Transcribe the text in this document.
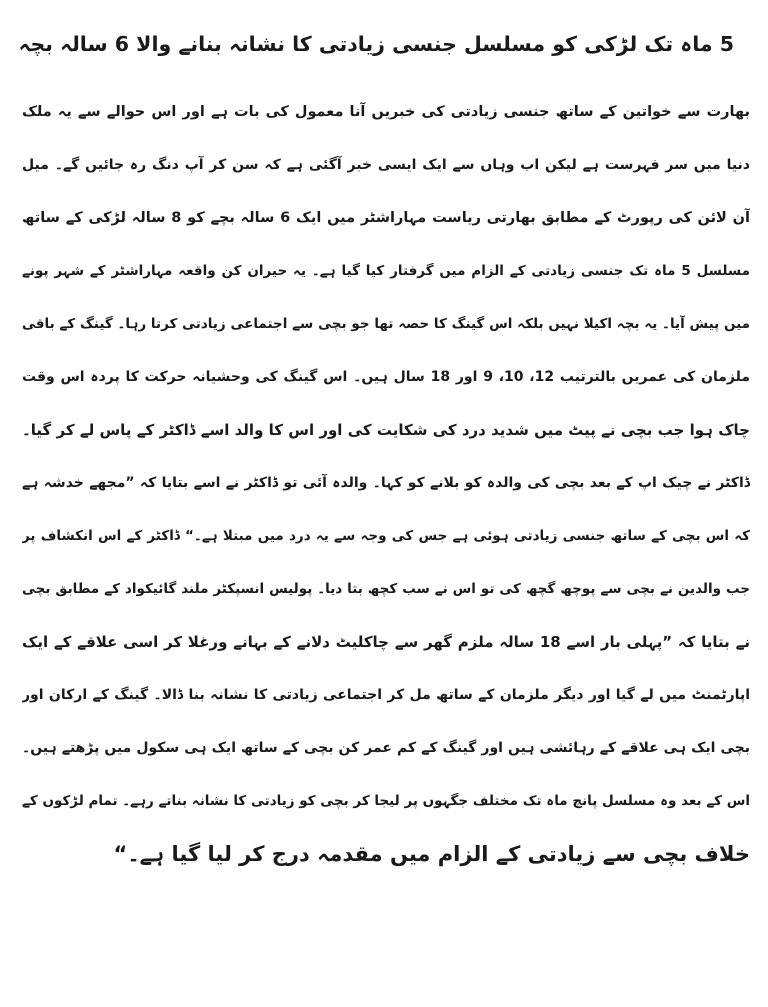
5 ماہ تک لڑکی کو مسلسل جنسی زیادتی کا نشانہ بنانے والا 6 سالہ بچہ
بھارت سے خواتین کے ساتھ جنسی زیادتی کی خبریں آنا معمول کی بات ہے اور اس حوالے سے یہ ملک
دنیا میں سر فہرست ہے لیکن اب وہاں سے ایک ایسی خبر آگئی ہے کہ سن کر آپ دنگ رہ جائیں گے۔ میل
آن لائن کی رپورٹ کے مطابق بھارتی ریاست مہاراشٹر میں ایک 6 سالہ بچے کو 8 سالہ لڑکی کے ساتھ
مسلسل 5 ماہ تک جنسی زیادتی کے الزام میں گرفتار کیا گیا ہے۔ یہ حیران کن واقعہ مہاراشٹر کے شہر پونے
میں پیش آیا۔ یہ بچہ اکیلا نہیں بلکہ اس گینگ کا حصہ تھا جو بچی سے اجتماعی زیادتی کرتا رہا۔ گینگ کے باقی
ملزمان کی عمریں بالترتیب 12، 10، 9 اور 18 سال ہیں۔ اس گینگ کی وحشیانہ حرکت کا پردہ اس وقت
چاک ہوا جب بچی نے پیٹ میں شدید درد کی شکایت کی اور اس کا والد اسے ڈاکٹر کے پاس لے کر گیا۔
ڈاکٹر نے چیک اپ کے بعد بچی کی والدہ کو بلانے کو کہا۔ والدہ آئی تو ڈاکٹر نے اسے بتایا کہ ”مجھے خدشہ ہے
کہ اس بچی کے ساتھ جنسی زیادتی ہوئی ہے جس کی وجہ سے یہ درد میں مبتلا ہے۔“ ڈاکٹر کے اس انکشاف پر
جب والدین نے بچی سے پوچھ گچھ کی تو اس نے سب کچھ بتا دیا۔ پولیس انسپکٹر ملند گائیکواد کے مطابق بچی
نے بتایا کہ ”پہلی بار اسے 18 سالہ ملزم گھر سے چاکلیٹ دلانے کے بہانے ورغلا کر اسی علاقے کے ایک
اپارٹمنٹ میں لے گیا اور دیگر ملزمان کے ساتھ مل کر اجتماعی زیادتی کا نشانہ بنا ڈالا۔ گینگ کے ارکان اور
بچی ایک ہی علاقے کے رہائشی ہیں اور گینگ کے کم عمر کن بچی کے ساتھ ایک ہی سکول میں پڑھتے ہیں۔
اس کے بعد وہ مسلسل پانچ ماہ تک مختلف جگہوں پر لیجا کر بچی کو زیادتی کا نشانہ بناتے رہے۔ تمام لڑکوں کے
خلاف بچی سے زیادتی کے الزام میں مقدمہ درج کر لیا گیا ہے۔“
